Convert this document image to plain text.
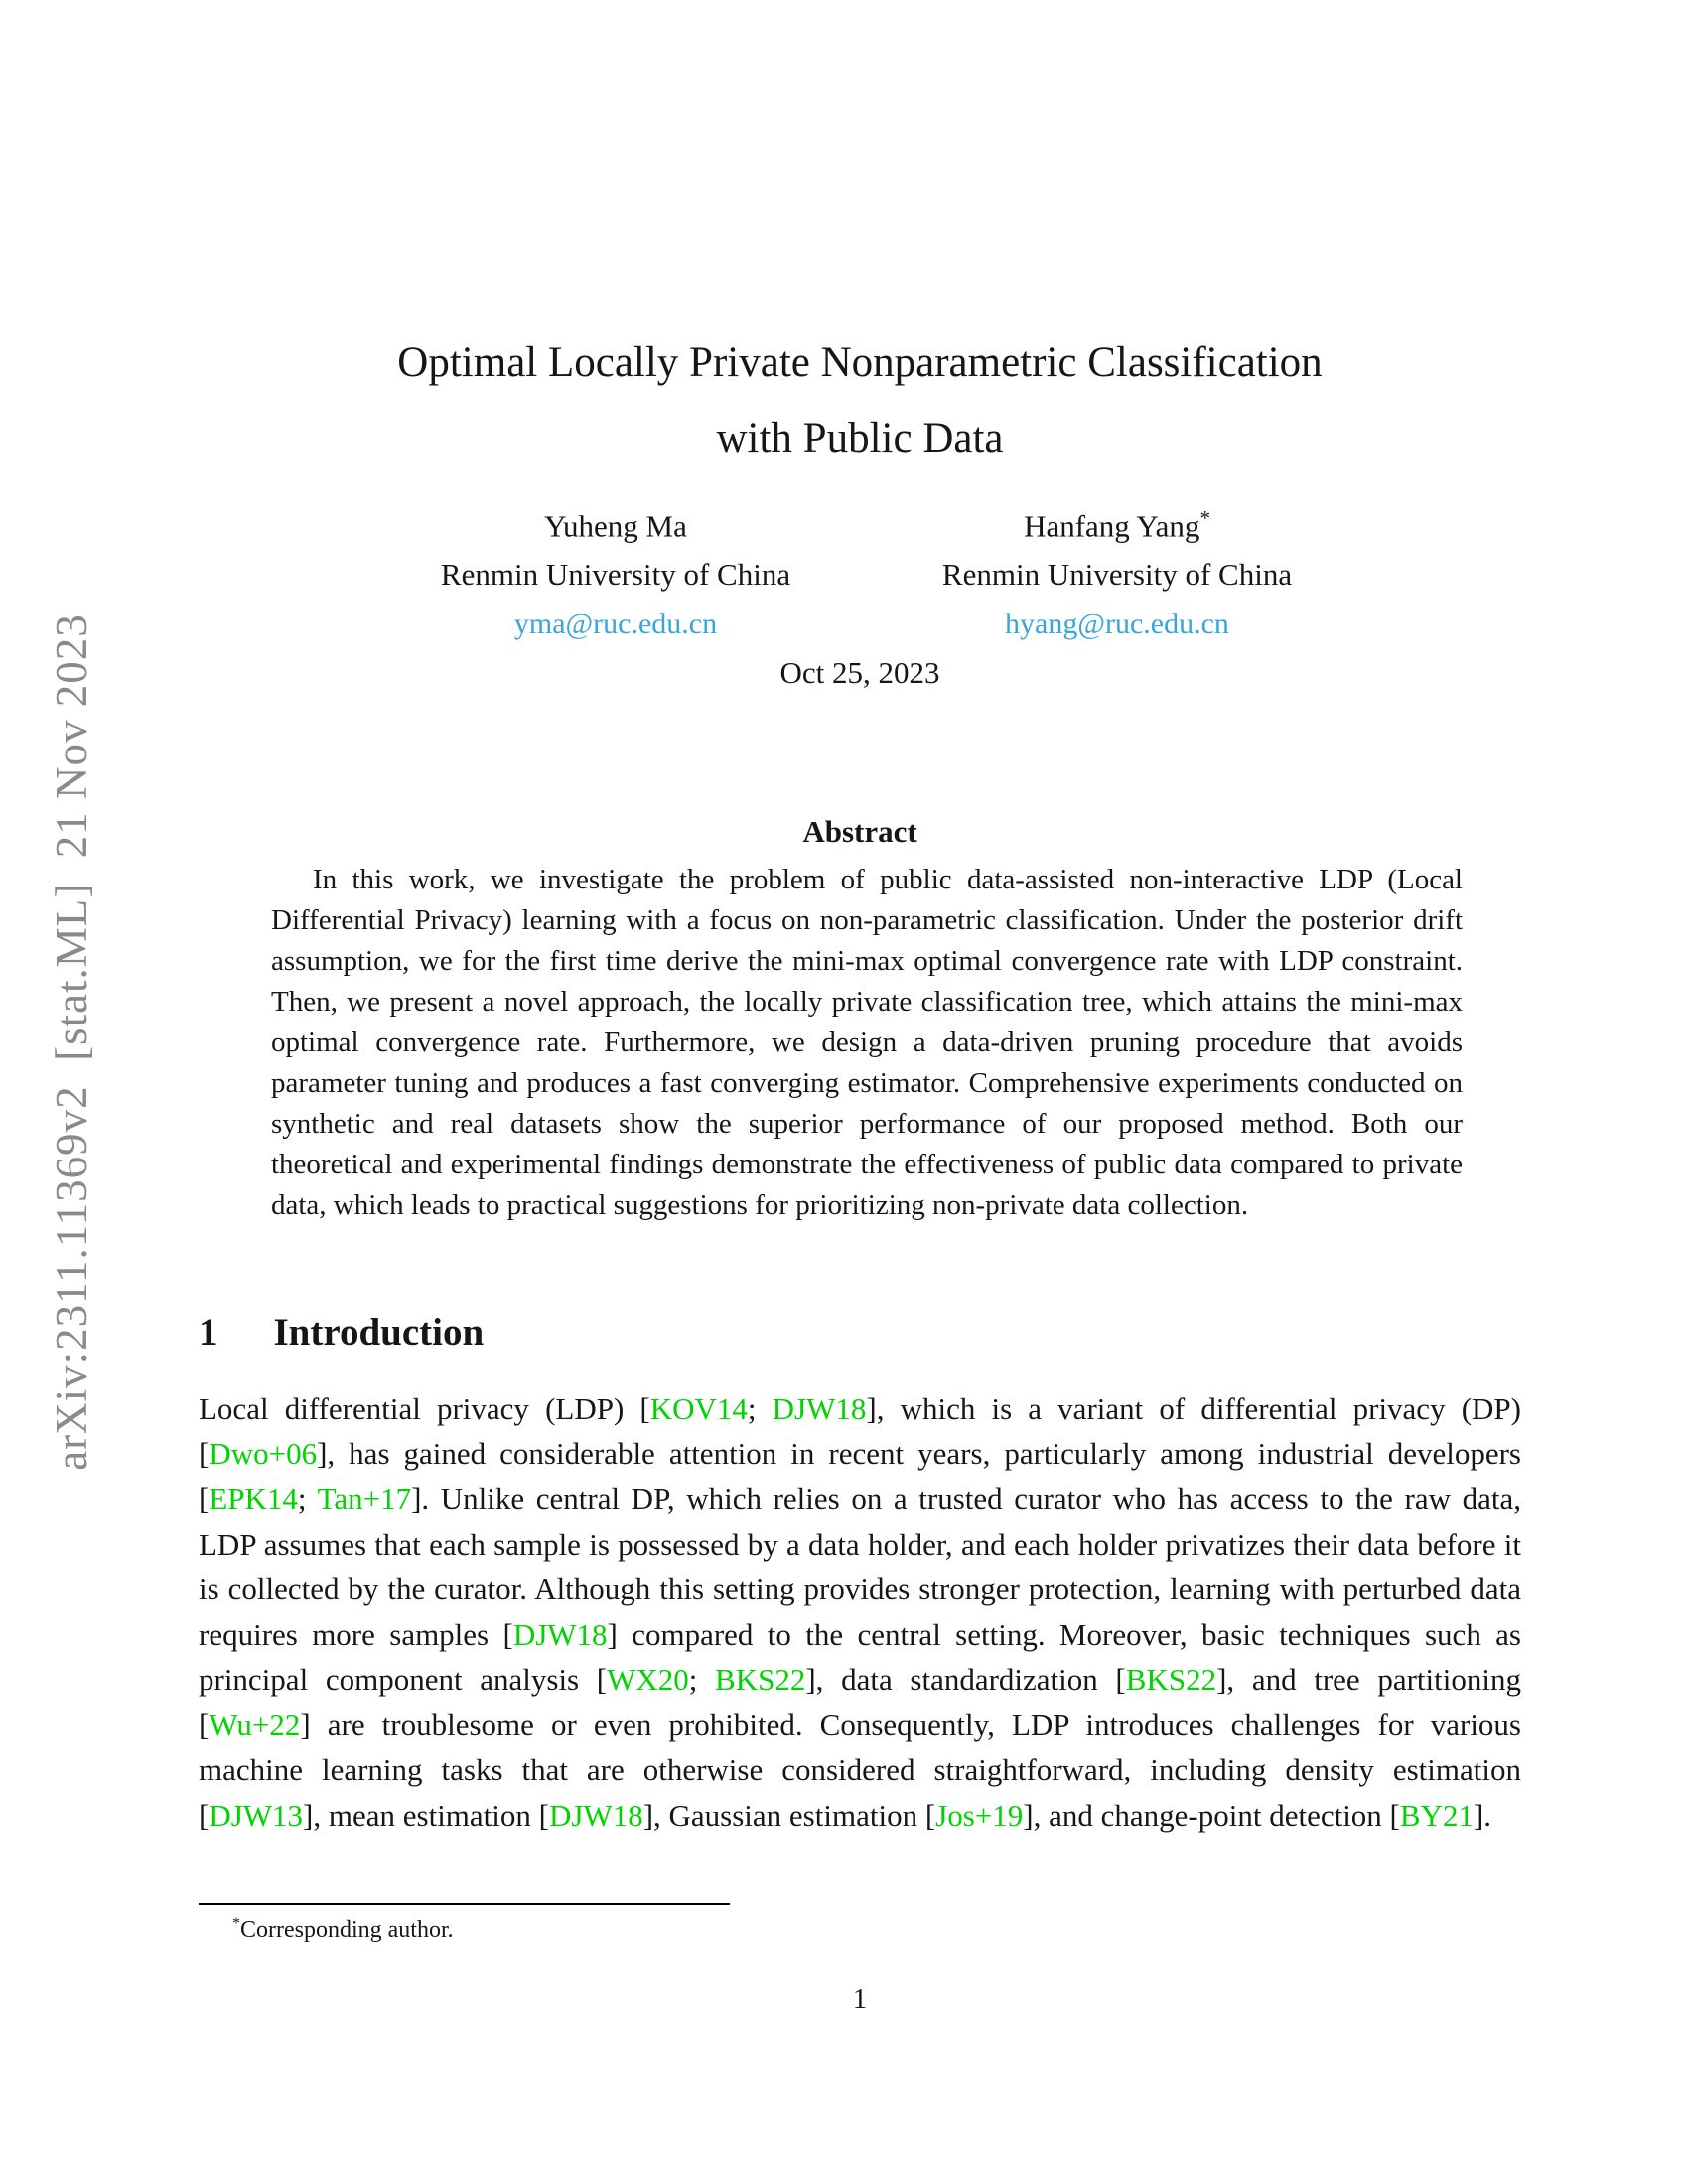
arXiv:2311.11369v2  [stat.ML]  21 Nov 2023
Optimal Locally Private Nonparametric Classification
with Public Data
Yuheng Ma
Renmin University of China
yma@ruc.edu.cn
Hanfang Yang*
Renmin University of China
hyang@ruc.edu.cn
Oct 25, 2023
Abstract
In this work, we investigate the problem of public data-assisted non-interactive LDP (Local Differential Privacy) learning with a focus on non-parametric classification. Under the posterior drift assumption, we for the first time derive the mini-max optimal convergence rate with LDP constraint. Then, we present a novel approach, the locally private classification tree, which attains the mini-max optimal convergence rate. Furthermore, we design a data-driven pruning procedure that avoids parameter tuning and produces a fast converging estimator. Comprehensive experiments conducted on synthetic and real datasets show the superior performance of our proposed method. Both our theoretical and experimental findings demonstrate the effectiveness of public data compared to private data, which leads to practical suggestions for prioritizing non-private data collection.
1 Introduction
Local differential privacy (LDP) [KOV14; DJW18], which is a variant of differential privacy (DP) [Dwo+06], has gained considerable attention in recent years, particularly among industrial developers [EPK14; Tan+17]. Unlike central DP, which relies on a trusted curator who has access to the raw data, LDP assumes that each sample is possessed by a data holder, and each holder privatizes their data before it is collected by the curator. Although this setting provides stronger protection, learning with perturbed data requires more samples [DJW18] compared to the central setting. Moreover, basic techniques such as principal component analysis [WX20; BKS22], data standardization [BKS22], and tree partitioning [Wu+22] are troublesome or even prohibited. Consequently, LDP introduces challenges for various machine learning tasks that are otherwise considered straightforward, including density estimation [DJW13], mean estimation [DJW18], Gaussian estimation [Jos+19], and change-point detection [BY21].
*Corresponding author.
1
